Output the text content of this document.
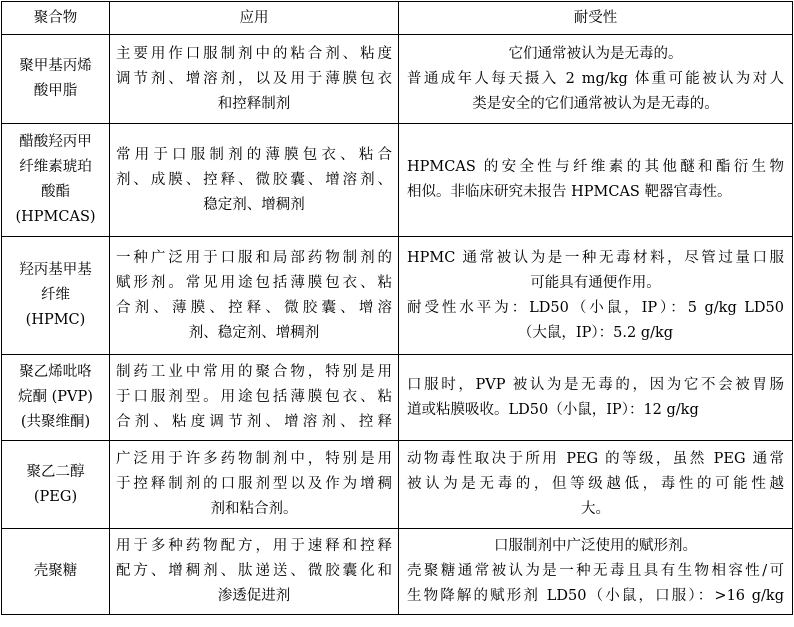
聚合物	应用	耐受性

聚甲基丙烯
酸甲脂	主要用作口服制剂中的粘合剂、粘度
调节剂、增溶剂，以及用于薄膜包衣
和控释制剂	它们通常被认为是无毒的。
普通成年人每天摄入 2 mg/kg 体重可能被认为对人
类是安全的它们通常被认为是无毒的。

醋酸羟丙甲
纤维素琥珀
酸酯
(HPMCAS)	常用于口服制剂的薄膜包衣、粘合
剂、成膜、控释、微胶囊、增溶剂、
稳定剂、增稠剂	HPMCAS 的安全性与纤维素的其他醚和酯衍生物
相似。非临床研究未报告 HPMCAS 靶器官毒性。

羟丙基甲基
纤维
(HPMC)	一种广泛用于口服和局部药物制剂的
赋形剂。常见用途包括薄膜包衣、粘
合剂、薄膜、控释、微胶囊、增溶
剂、稳定剂、增稠剂	HPMC 通常被认为是一种无毒材料，尽管过量口服
可能具有通便作用。
耐受性水平为：LD50（小鼠，IP）：5 g/kg LD50
（大鼠，IP）：5.2 g/kg

聚乙烯吡咯
烷酮 (PVP)
(共聚维酮)	制药工业中常用的聚合物，特别是用
于口服剂型。用途包括薄膜包衣、粘
合剂、粘度调节剂、增溶剂、控释	口服时，PVP 被认为是无毒的，因为它不会被胃肠
道或粘膜吸收。LD50（小鼠，IP）：12 g/kg

聚乙二醇
(PEG)	广泛用于许多药物制剂中，特别是用
于控释制剂的口服剂型以及作为增稠
剂和粘合剂。	动物毒性取决于所用 PEG 的等级，虽然 PEG 通常
被认为是无毒的，但等级越低，毒性的可能性越
大。

壳聚糖	用于多种药物配方，用于速释和控释
配方、增稠剂、肽递送、微胶囊化和
渗透促进剂	口服制剂中广泛使用的赋形剂。
壳聚糖通常被认为是一种无毒且具有生物相容性/可
生物降解的赋形剂 LD50（小鼠，口服）：>16 g/kg
